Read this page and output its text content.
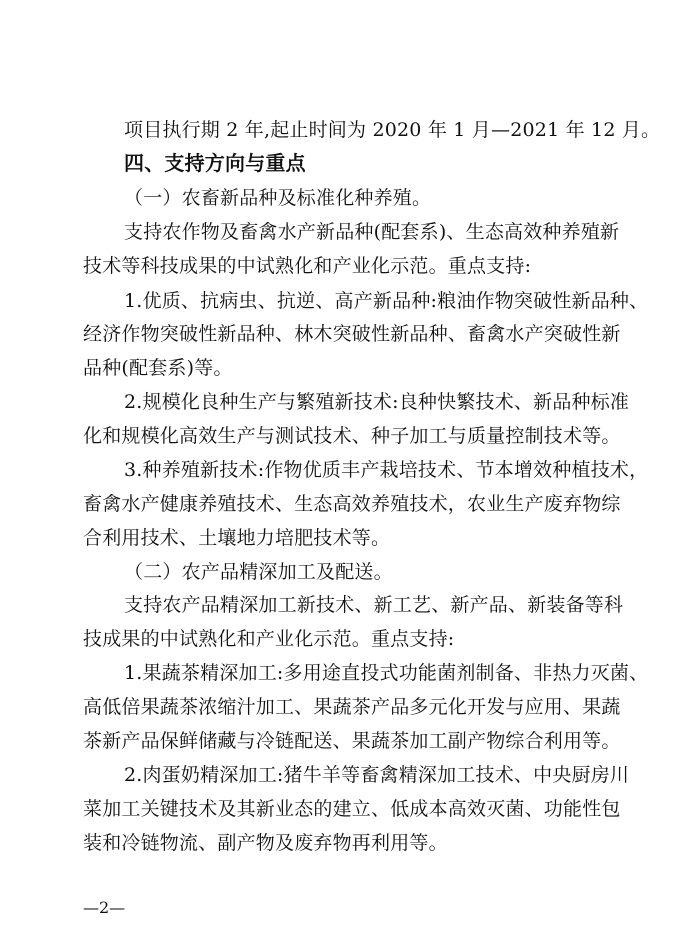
项目执行期 2 年,起止时间为 2020 年 1 月—2021 年 12 月。
四、支持方向与重点
（一）农畜新品种及标准化种养殖。
支持农作物及畜禽水产新品种(配套系)、生态高效种养殖新
技术等科技成果的中试熟化和产业化示范。重点支持:
1.优质、抗病虫、抗逆、高产新品种:粮油作物突破性新品种、
经济作物突破性新品种、林木突破性新品种、畜禽水产突破性新
品种(配套系)等。
2.规模化良种生产与繁殖新技术:良种快繁技术、新品种标准
化和规模化高效生产与测试技术、种子加工与质量控制技术等。
3.种养殖新技术:作物优质丰产栽培技术、节本增效种植技术，
畜禽水产健康养殖技术、生态高效养殖技术，农业生产废弃物综
合利用技术、土壤地力培肥技术等。
（二）农产品精深加工及配送。
支持农产品精深加工新技术、新工艺、新产品、新装备等科
技成果的中试熟化和产业化示范。重点支持:
1.果蔬茶精深加工:多用途直投式功能菌剂制备、非热力灭菌、
高低倍果蔬茶浓缩汁加工、果蔬茶产品多元化开发与应用、果蔬
茶新产品保鲜储藏与冷链配送、果蔬茶加工副产物综合利用等。
2.肉蛋奶精深加工:猪牛羊等畜禽精深加工技术、中央厨房川
菜加工关键技术及其新业态的建立、低成本高效灭菌、功能性包
装和冷链物流、副产物及废弃物再利用等。
—2—
